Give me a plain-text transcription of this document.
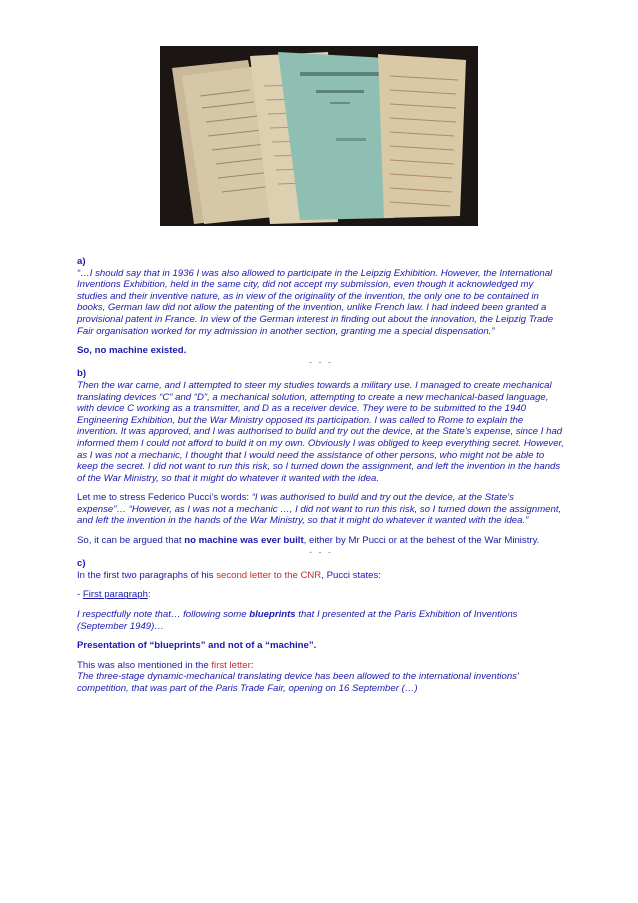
a)

“…I should say that in 1936 I was also allowed to participate in the Leipzig Exhibition. However, the International Inventions Exhibition, held in the same city, did not accept my submission, even though it acknowledged my studies and their inventive nature, as in view of the originality of the invention, the only one to be contained in books, German law did not allow the patenting of the invention, unlike French law. I had indeed been granted a provisional patent in France. In view of the German interest in finding out about the innovation, the Leipzig Trade Fair organisation worked for my admission in another section, granting me a special dispensation.”

So, no machine existed.

- - -

b)

Then the war came, and I attempted to steer my studies towards a military use. I managed to create mechanical translating devices “C” and “D”, a mechanical solution, attempting to create a new mechanical-based language, with device C working as a transmitter, and D as a receiver device. They were to be submitted to the 1940 Engineering Exhibition, but the War Ministry opposed its participation. I was called to Rome to explain the invention. It was approved, and I was authorised to build and try out the device, at the State’s expense, since I had informed them I could not afford to build it on my own. Obviously I was obliged to keep everything secret. However, as I was not a mechanic, I thought that I would need the assistance of other persons, who might not be able to keep the secret. I did not want to run this risk, so I turned down the assignment, and left the invention in the hands of the War Ministry, so that it might do whatever it wanted with the idea.

Let me to stress Federico Pucci’s words: “I was authorised to build and try out the device, at the State’s expense”… “However, as I was not a mechanic …, I did not want to run this risk, so I turned down the assignment, and left the invention in the hands of the War Ministry, so that it might do whatever it wanted with the idea.”

So, it can be argued that no machine was ever built, either by Mr Pucci or at the behest of the War Ministry.

- - -

c)

In the first two paragraphs of his second letter to the CNR, Pucci states:

- First paragraph:

I respectfully note that… following some blueprints that I presented at the Paris Exhibition of Inventions (September 1949)…

Presentation of “blueprints” and not of a “machine”.

This was also mentioned in the first letter:

The three-stage dynamic-mechanical translating device has been allowed to the international inventions' competition, that was part of the Paris Trade Fair, opening on 16 September (…)
